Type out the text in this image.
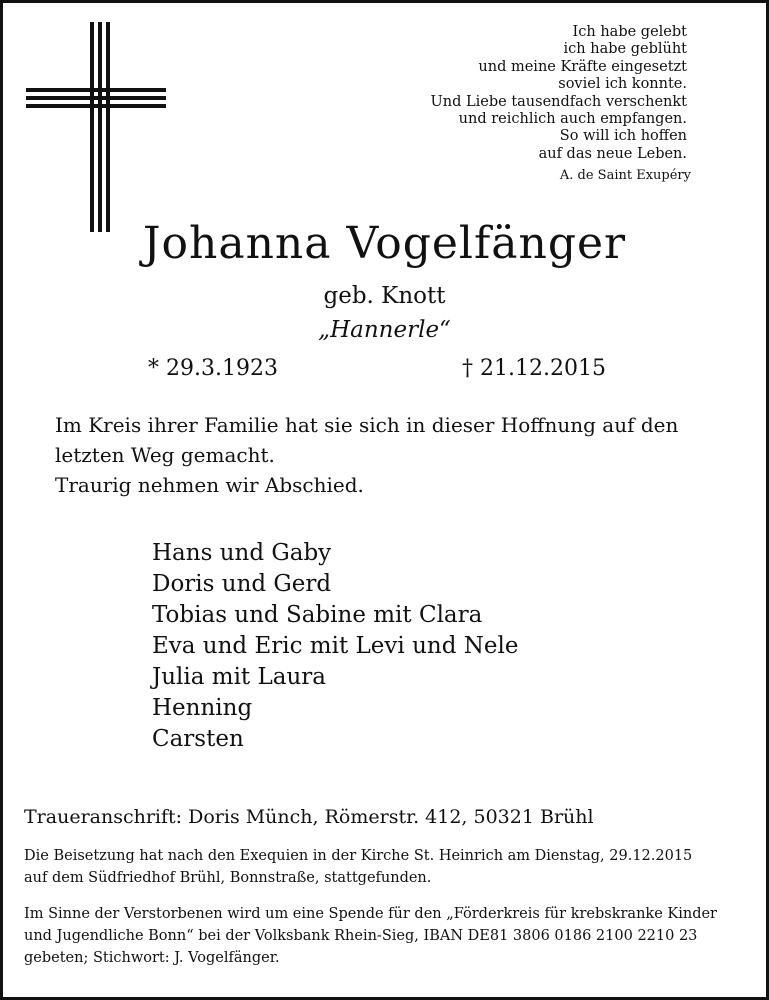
Ich habe gelebt
ich habe geblüht
und meine Kräfte eingesetzt
soviel ich konnte.
Und Liebe tausendfach verschenkt
und reichlich auch empfangen.
So will ich hoffen
auf das neue Leben.
A. de Saint Exupéry
Johanna Vogelfänger
geb. Knott
„Hannerle“
* 29.3.1923	† 21.12.2015
Im Kreis ihrer Familie hat sie sich in dieser Hoffnung auf den
letzten Weg gemacht.
Traurig nehmen wir Abschied.
Hans und Gaby
Doris und Gerd
Tobias und Sabine mit Clara
Eva und Eric mit Levi und Nele
Julia mit Laura
Henning
Carsten
Traueranschrift: Doris Münch, Römerstr. 412, 50321 Brühl
Die Beisetzung hat nach den Exequien in der Kirche St. Heinrich am Dienstag, 29.12.2015
auf dem Südfriedhof Brühl, Bonnstraße, stattgefunden.
Im Sinne der Verstorbenen wird um eine Spende für den „Förderkreis für krebskranke Kinder
und Jugendliche Bonn“ bei der Volksbank Rhein-Sieg, IBAN DE81 3806 0186 2100 2210 23
gebeten; Stichwort: J. Vogelfänger.
